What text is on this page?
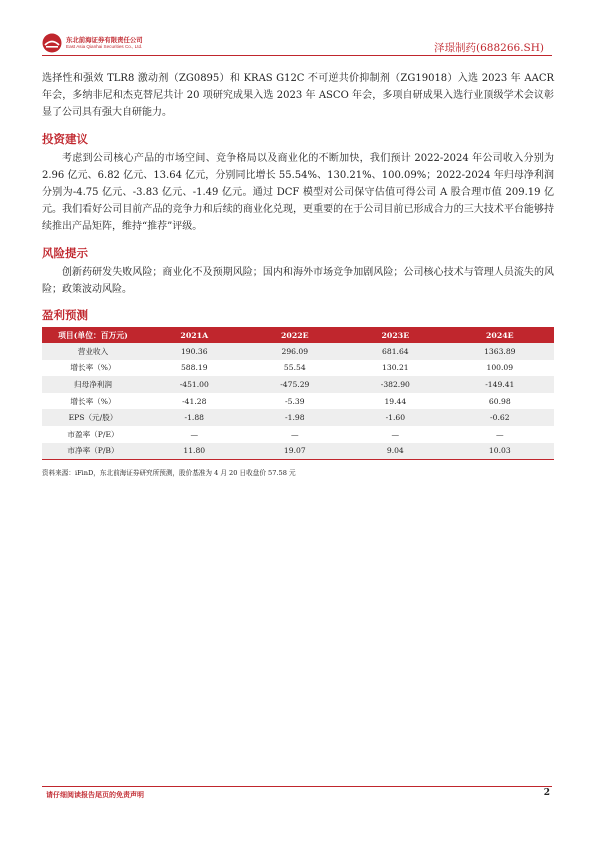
东北前海证券有限责任公司
East Asia Qianhai Securities Co., Ltd.	泽璟制药(688266.SH)

选择性和强效 TLR8 激动剂（ZG0895）和 KRAS G12C 不可逆共价抑制剂（ZG19018）入选 2023 年 AACR 年会，多纳非尼和杰克替尼共计 20 项研究成果入选 2023 年 ASCO 年会，多项自研成果入选行业顶级学术会议彰显了公司具有强大自研能力。

投资建议

考虑到公司核心产品的市场空间、竞争格局以及商业化的不断加快，我们预计 2022-2024 年公司收入分别为 2.96 亿元、6.82 亿元、13.64 亿元，分别同比增长 55.54%、130.21%、100.09%；2022-2024 年归母净利润分别为-4.75 亿元、-3.83 亿元、-1.49 亿元。通过 DCF 模型对公司保守估值可得公司 A 股合理市值 209.19 亿元。我们看好公司目前产品的竞争力和后续的商业化兑现，更重要的在于公司目前已形成合力的三大技术平台能够持续推出产品矩阵，维持“推荐”评级。

风险提示

创新药研发失败风险；商业化不及预期风险；国内和海外市场竞争加剧风险；公司核心技术与管理人员流失的风险；政策波动风险。

盈利预测
项目(单位：百万元)	2021A	2022E	2023E	2024E
营业收入	190.36	296.09	681.64	1363.89
增长率（%）	588.19	55.54	130.21	100.09
归母净利润	-451.00	-475.29	-382.90	-149.41
增长率（%）	-41.28	-5.39	19.44	60.98
EPS（元/股）	-1.88	-1.98	-1.60	-0.62
市盈率（P/E）	—	—	—	—
市净率（P/B）	11.80	19.07	9.04	10.03
资料来源：iFinD，东北前海证券研究所预测，股价基准为 4 月 20 日收盘价 57.58 元
请仔细阅读报告尾页的免责声明	2
